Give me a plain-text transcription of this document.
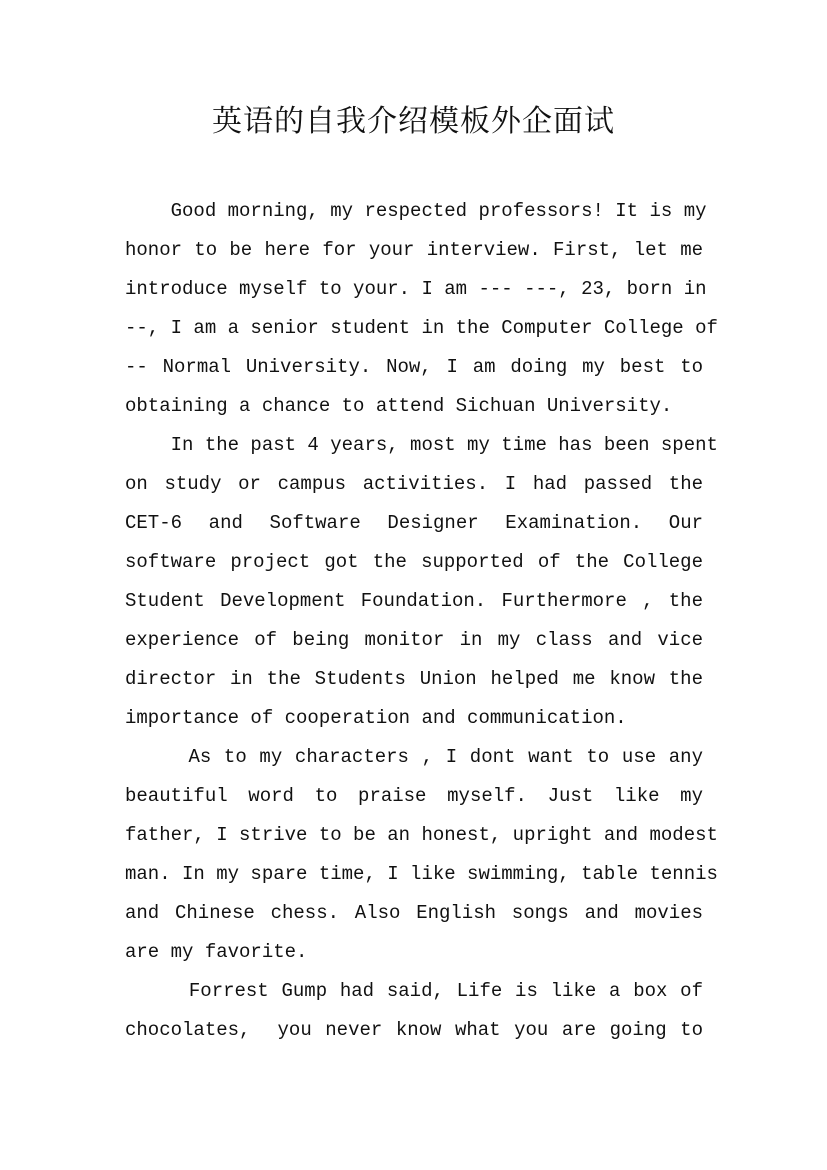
英语的自我介绍模板外企面试

Good morning, my respected professors! It is my
honor to be here for your interview. First, let me
introduce myself to your. I am --- ---, 23, born in
--, I am a senior student in the Computer College of
-- Normal University. Now, I am doing my best to
obtaining a chance to attend Sichuan University.

In the past 4 years, most my time has been spent
on study or campus activities. I had passed the
CET-6 and Software Designer Examination. Our
software project got the supported of the College
Student Development Foundation. Furthermore , the
experience of being monitor in my class and vice
director in the Students Union helped me know the
importance of cooperation and communication.

As to my characters , I dont want to use any
beautiful word to praise myself. Just like my
father, I strive to be an honest, upright and modest
man. In my spare time, I like swimming, table tennis
and Chinese chess. Also English songs and movies
are my favorite.

Forrest Gump had said, Life is like a box of
chocolates,  you never know what you are going to
